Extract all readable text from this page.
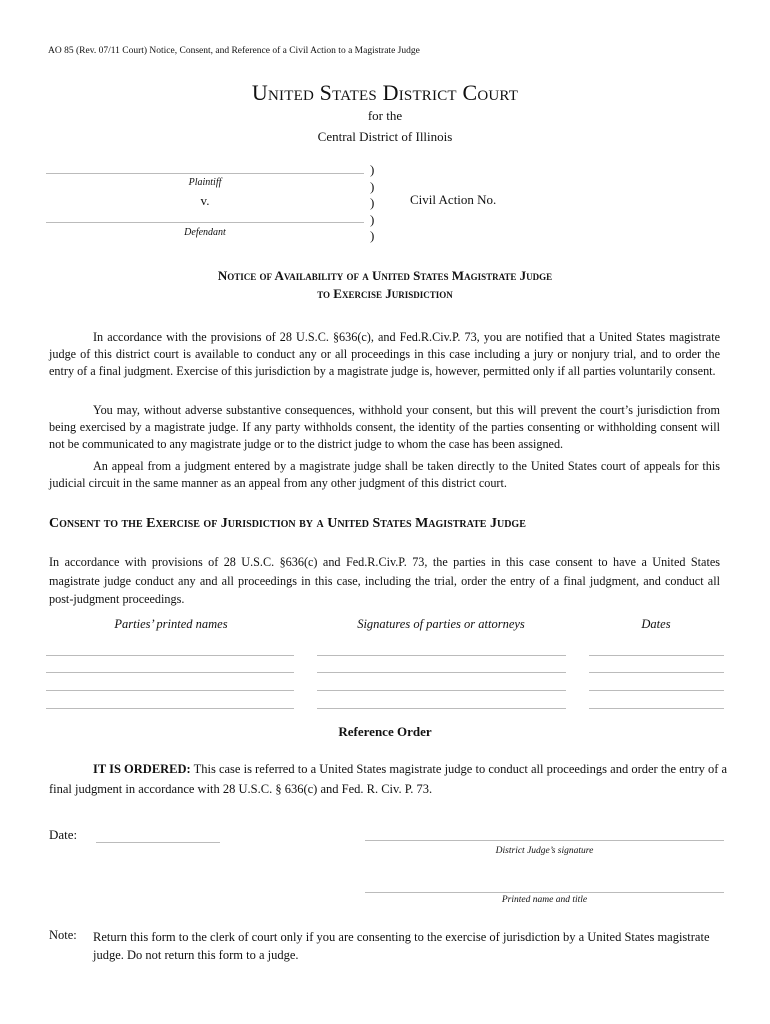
AO 85 (Rev. 07/11 Court) Notice, Consent, and Reference of a Civil Action to a Magistrate Judge
United States District Court
for the
Central District of Illinois
Plaintiff
v.
Defendant
)
)
)
)
)
Civil Action No.
Notice of Availability of a United States Magistrate Judge
to Exercise Jurisdiction
In accordance with the provisions of 28 U.S.C. §636(c), and Fed.R.Civ.P. 73, you are notified that a United States magistrate judge of this district court is available to conduct any or all proceedings in this case including a jury or nonjury trial, and to order the entry of a final judgment. Exercise of this jurisdiction by a magistrate judge is, however, permitted only if all parties voluntarily consent.
You may, without adverse substantive consequences, withhold your consent, but this will prevent the court’s jurisdiction from being exercised by a magistrate judge. If any party withholds consent, the identity of the parties consenting or withholding consent will not be communicated to any magistrate judge or to the district judge to whom the case has been assigned.
An appeal from a judgment entered by a magistrate judge shall be taken directly to the United States court of appeals for this judicial circuit in the same manner as an appeal from any other judgment of this district court.
Consent to the Exercise of Jurisdiction by a United States Magistrate Judge
In accordance with provisions of 28 U.S.C. §636(c) and Fed.R.Civ.P. 73, the parties in this case consent to have a United States magistrate judge conduct any and all proceedings in this case, including the trial, order the entry of a final judgment, and conduct all post-judgment proceedings.
Parties’ printed names	Signatures of parties or attorneys	Dates
Reference Order
IT IS ORDERED: This case is referred to a United States magistrate judge to conduct all proceedings and order the entry of a final judgment in accordance with 28 U.S.C. § 636(c) and Fed. R. Civ. P. 73.
Date:
District Judge’s signature
Printed name and title
Note: Return this form to the clerk of court only if you are consenting to the exercise of jurisdiction by a United States magistrate judge. Do not return this form to a judge.
